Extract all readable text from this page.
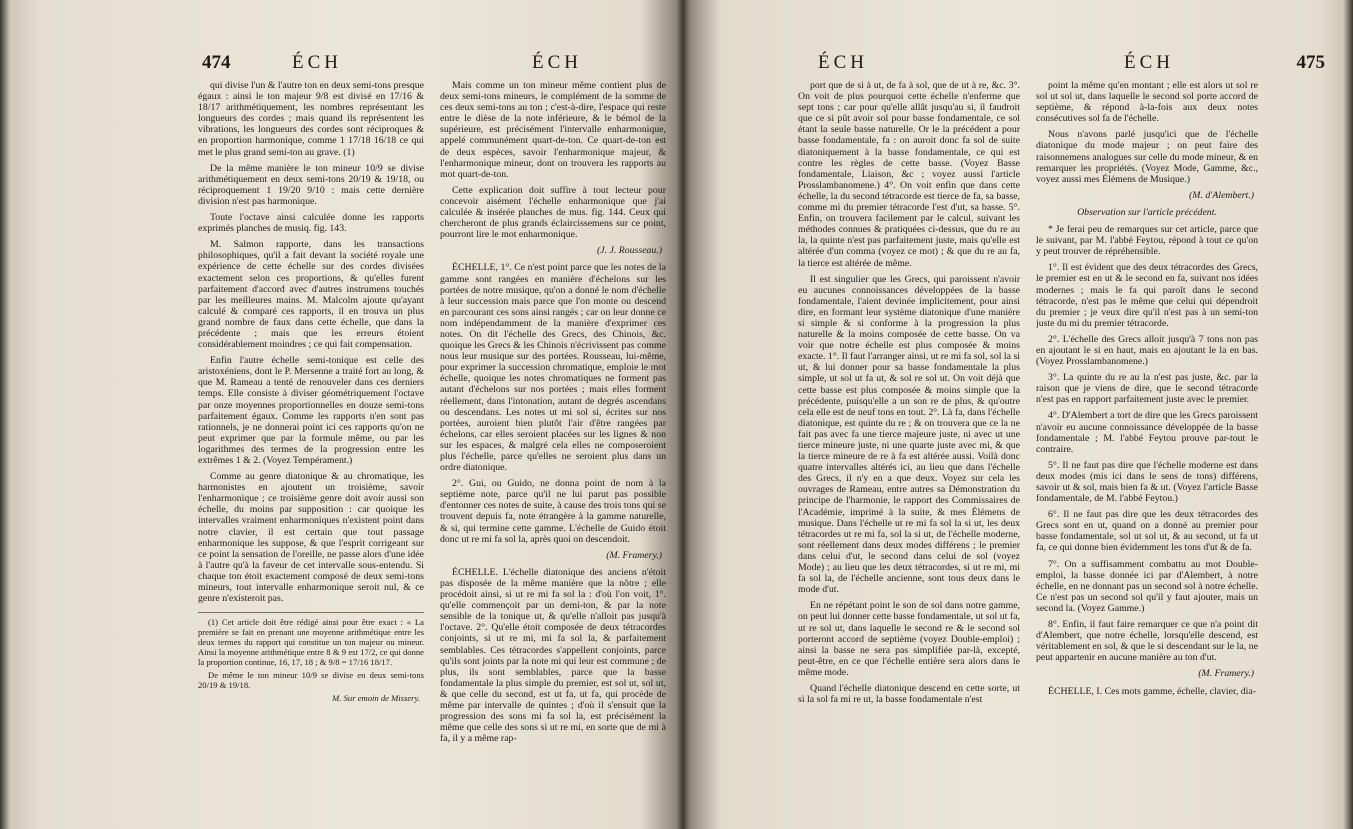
474	ÉCH	ÉCH

qui divise l'un & l'autre ton en deux semi-tons presque égaux : ainsi le ton majeur 9/8 est divisé en 17/16 & 18/17 arithmétiquement, les nombres représentant les longueurs des cordes ; mais quand ils représentent les vibrations, les longueurs des cordes sont réciproques & en proportion harmonique, comme 1 17/18 16/18 ce qui met le plus grand semi-ton au grave. (1)

De la même manière le ton mineur 10/9 se divise arithmétiquement en deux semi-tons 20/19 & 19/18, ou réciproquement 1 19/20 9/10 : mais cette dernière division n'est pas harmonique.

Toute l'octave ainsi calculée donne les rapports exprimés planches de musiq. fig. 143.

M. Salmon rapporte, dans les transactions philosophiques, qu'il a fait devant la société royale une expérience de cette échelle sur des cordes divisées exactement selon ces proportions, & qu'elles furent parfaitement d'accord avec d'autres instrumens touchés par les meilleures mains. M. Malcolm ajoute qu'ayant calculé & comparé ces rapports, il en trouva un plus grand nombre de faux dans cette échelle, que dans la précédente ; mais que les erreurs étoient considérablement moindres ; ce qui fait compensation.

Enfin l'autre échelle semi-tonique est celle des aristoxéniens, dont le P. Mersenne a traité fort au long, & que M. Rameau a tenté de renouveler dans ces derniers temps. Elle consiste à diviser géométriquement l'octave par onze moyennes proportionnelles en douze semi-tons parfaitement égaux. Comme les rapports n'en sont pas rationnels, je ne donnerai point ici ces rapports qu'on ne peut exprimer que par la formule même, ou par les logarithmes des termes de la progression entre les extrêmes 1 & 2. (Voyez Tempérament.)

Comme au genre diatonique & au chromatique, les harmonistes en ajoutent un troisième, savoir l'enharmonique ; ce troisième genre doit avoir aussi son échelle, du moins par supposition : car quoique les intervalles vraiment enharmoniques n'existent point dans notre clavier, il est certain que tout passage enharmonique les suppose, & que l'esprit corrigeant sur ce point la sensation de l'oreille, ne passe alors d'une idée à l'autre qu'à la faveur de cet intervalle sous-entendu. Si chaque ton étoit exactement composé de deux semi-tons mineurs, tout intervalle enharmonique seroit nul, & ce genre n'existeroit pas.

(1) Cet article doit être rédigé ainsi pour être exact : « La première se fait en prenant une moyenne arithmétique entre les deux termes du rapport qui constitue un ton majeur ou mineur. Ainsi la moyenne arithmétique entre 8 & 9 est 17/2, ce qui donne la proportion continue, 16, 17, 18 ; & 9/8 = 17/16 18/17.

De même le ton mineur 10/9 se divise en deux semi-tons 20/19 & 19/18.

M. Sur emoin de Missery.

Mais comme un ton mineur même contient plus de deux semi-tons mineurs, le complément de la somme de ces deux semi-tons au ton ; c'est-à-dire, l'espace qui reste entre le dièse de la note inférieure, & le bémol de la supérieure, est précisément l'intervalle enharmonique, appelé communément quart-de-ton. Ce quart-de-ton est de deux espèces, savoir l'enharmonique majeur, & l'enharmonique mineur, dont on trouvera les rapports au mot quart-de-ton.

Cette explication doit suffire à tout lecteur pour concevoir aisément l'échelle enharmonique que j'ai calculée & insérée planches de mus. fig. 144. Ceux qui chercheront de plus grands éclaircissemens sur ce point, pourront lire le mot enharmonique.

(J. J. Rousseau.)

ÉCHELLE, 1°. Ce n'est point parce que les notes de la gamme sont rangées en manière d'échelons sur les portées de notre musique, qu'on a donné le nom d'échelle à leur succession mais parce que l'on monte ou descend en parcourant ces sons ainsi rangés ; car on leur donne ce nom indépendamment de la manière d'exprimer ces notes. On dit l'échelle des Grecs, des Chinois, &c. quoique les Grecs & les Chinois n'écrivissent pas comme nous leur musique sur des portées. Rousseau, lui-même, pour exprimer la succession chromatique, emploie le mot échelle, quoique les notes chromatiques ne forment pas autant d'échelons sur nos portées ; mais elles forment réellement, dans l'intonation, autant de degrés ascendans ou descendans. Les notes ut mi sol si, écrites sur nos portées, auroient bien plutôt l'air d'être rangées par échelons, car elles seroient placées sur les lignes & non sur les espaces, & malgré cela elles ne composeroient plus l'échelle, parce qu'elles ne seroient plus dans un ordre diatonique.

2°. Gui, ou Guido, ne donna point de nom à la septième note, parce qu'il ne lui parut pas possible d'entonner ces notes de suite, à cause des trois tons qui se trouvent depuis fa, note étrangère à la gamme naturelle, & si, qui termine cette gamme. L'échelle de Guido étoit donc ut re mi fa sol la, après quoi on descendoit.

(M. Framery.)

ÉCHELLE. L'échelle diatonique des anciens n'étoit pas disposée de la même manière que la nôtre ; elle procédoit ainsi, si ut re mi fa sol la : d'où l'on voit, 1°. qu'elle commençoit par un demi-ton, & par la note sensible de la tonique ut, & qu'elle n'alloit pas jusqu'à l'octave. 2°. Qu'elle étoit composée de deux tétracordes conjoints, si ut re mi, mi fa sol la, & parfaitement semblables. Ces tétracordes s'appellent conjoints, parce qu'ils sont joints par la note mi qui leur est commune ; de plus, ils sont semblables, parce que la basse fondamentale la plus simple du premier, est sol ut, sol ut, & que celle du second, est ut fa, ut fa, qui procède de même par intervalle de quintes ; d'où il s'ensuit que la progression des sons mi fa sol la, est précisément la même que celle des sons si ut re mi, en sorte que de mi à fa, il y a même rap-

ÉCH	ÉCH	475

port que de si à ut, de fa à sol, que de ut à re, &c. 3°. On voit de plus pourquoi cette échelle n'enferme que sept tons ; car pour qu'elle allât jusqu'au si, il faudroit que ce si pût avoir sol pour basse fondamentale, ce sol étant la seule basse naturelle. Or le la précédent a pour basse fondamentale, fa : on auroit donc fa sol de suite diatoniquement à la basse fondamentale, ce qui est contre les règles de cette basse. (Voyez Basse fondamentale, Liaison, &c ; voyez aussi l'article Prosslambanomene.) 4°. On voit enfin que dans cette échelle, la du second tétracorde est tierce de fa, sa basse, comme mi du premier tétracorde l'est d'ut, sa basse. 5°. Enfin, on trouvera facilement par le calcul, suivant les méthodes connues & pratiquées ci-dessus, que du re au la, la quinte n'est pas parfaitement juste, mais qu'elle est altérée d'un comma (voyez ce mot) ; & que du re au fa, la tierce est altérée de même.

Il est singulier que les Grecs, qui paroissent n'avoir eu aucunes connoissances développées de la basse fondamentale, l'aient devinée implicitement, pour ainsi dire, en formant leur système diatonique d'une manière si simple & si conforme à la progression la plus naturelle & la moins composée de cette basse. On va voir que notre échelle est plus composée & moins exacte. 1°. Il faut l'arranger ainsi, ut re mi fa sol, sol la si ut, & lui donner pour sa basse fondamentale la plus simple, ut sol ut fa ut, & sol re sol ut. On voit déjà que cette basse est plus composée & moins simple que la précédente, puisqu'elle a un son re de plus, & qu'outre cela elle est de neuf tons en tout. 2°. Là fa, dans l'échelle diatonique, est quinte du re ; & on trouvera que ce la ne fait pas avec fa une tierce majeure juste, ni avec ut une tierce mineure juste, ni une quarte juste avec mi, & que la tierce mineure de re à fa est altérée aussi. Voilà donc quatre intervalles altérés ici, au lieu que dans l'échelle des Grecs, il n'y en a que deux. Voyez sur cela les ouvrages de Rameau, entre autres sa Démonstration du principe de l'harmonie, le rapport des Commissaires de l'Académie, imprimé à la suite, & mes Élémens de musique. Dans l'échelle ut re mi fa sol la si ut, les deux tétracordes ut re mi fa, sol la si ut, de l'échelle moderne, sont réellement dans deux modes différens ; le premier dans celui d'ut, le second dans celui de sol (voyez Mode) ; au lieu que les deux tétracordes, si ut re mi, mi fa sol la, de l'échelle ancienne, sont tous deux dans le mode d'ut.

En ne répétant point le son de sol dans notre gamme, on peut lui donner cette basse fondamentale, ut sol ut fa, ut re sol ut, dans laquelle le second re & le second sol porteront accord de septième (voyez Double-emploi) ; ainsi la basse ne sera pas simplifiée par-là, excepté, peut-être, en ce que l'échelle entière sera alors dans le même mode.

Quand l'échelle diatonique descend en cette sorte, ut si la sol fa mi re ut, la basse fondamentale n'est

point la même qu'en montant ; elle est alors ut sol re sol ut sol ut, dans laquelle le second sol porte accord de septième, & répond à-la-fois aux deux notes consécutives sol fa de l'échelle.

Nous n'avons parlé jusqu'ici que de l'échelle diatonique du mode majeur ; on peut faire des raisonnemens analogues sur celle du mode mineur, & en remarquer les propriétés. (Voyez Mode, Gamme, &c., voyez aussi mes Élémens de Musique.)

(M. d'Alembert.)

Observation sur l'article précédent.

* Je ferai peu de remarques sur cet article, parce que le suivant, par M. l'abbé Feytou, répond à tout ce qu'on y peut trouver de répréhensible.

1°. Il est évident que des deux tétracordes des Grecs, le premier est en ut & le second en fa, suivant nos idées modernes ; mais le fa qui paroît dans le second tétracorde, n'est pas le même que celui qui dépendroit du premier ; je veux dire qu'il n'est pas à un semi-ton juste du mi du premier tétracorde.

2°. L'échelle des Grecs alloit jusqu'à 7 tons non pas en ajoutant le si en haut, mais en ajoutant le la en bas. (Voyez Prosslambanomene.)

3°. La quinte du re au la n'est pas juste, &c. par la raison que je viens de dire, que le second tétracorde n'est pas en rapport parfaitement juste avec le premier.

4°. D'Alembert a tort de dire que les Grecs paroissent n'avoir eu aucune connoissance développée de la basse fondamentale ; M. l'abbé Feytou prouve par-tout le contraire.

5°. Il ne faut pas dire que l'échelle moderne est dans deux modes (mis ici dans le sens de tons) différens, savoir ut & sol, mais bien fa & ut. (Voyez l'article Basse fondamentale, de M. l'abbé Feytou.)

6°. Il ne faut pas dire que les deux tétracordes des Grecs sont en ut, quand on a donné au premier pour basse fondamentale, sol ut sol ut, & au second, ut fa ut fa, ce qui donne bien évidemment les tons d'ut & de fa.

7°. On a suffisamment combattu au mot Double-emploi, la basse donnée ici par d'Alembert, à notre échelle, en ne donnant pas un second sol à notre échelle. Ce n'est pas un second sol qu'il y faut ajouter, mais un second la. (Voyez Gamme.)

8°. Enfin, il faut faire remarquer ce que n'a point dit d'Alembert, que notre échelle, lorsqu'elle descend, est véritablement en sol, & que le si descendant sur le la, ne peut appartenir en aucune manière au ton d'ut.

(M. Framery.)

ÉCHELLE, I. Ces mots gamme, échelle, clavier, dia-
